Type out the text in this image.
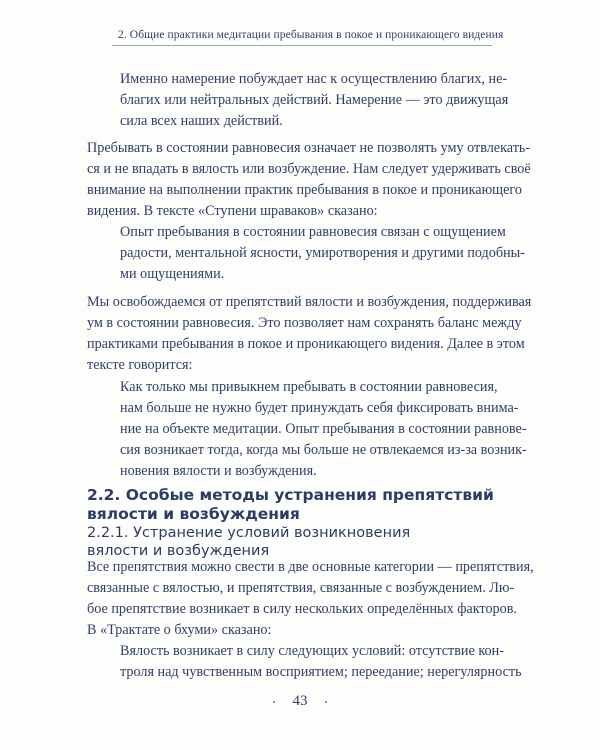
2. Общие практики медитации пребывания в покое и проникающего видения
Именно намерение побуждает нас к осуществлению благих, не-
благих или нейтральных действий. Намерение — это движущая
сила всех наших действий.
Пребывать в состоянии равновесия означает не позволять уму отвлекать-
ся и не впадать в вялость или возбуждение. Нам следует удерживать своё
внимание на выполнении практик пребывания в покое и проникающего
видения. В тексте «Ступени шраваков» сказано:
Опыт пребывания в состоянии равновесия связан с ощущением
радости, ментальной ясности, умиротворения и другими подобны-
ми ощущениями.
Мы освобождаемся от препятствий вялости и возбуждения, поддерживая
ум в состоянии равновесия. Это позволяет нам сохранять баланс между
практиками пребывания в покое и проникающего видения. Далее в этом
тексте говорится:
Как только мы привыкнем пребывать в состоянии равновесия,
нам больше не нужно будет принуждать себя фиксировать внима-
ние на объекте медитации. Опыт пребывания в состоянии равнове-
сия возникает тогда, когда мы больше не отвлекаемся из-за возник-
новения вялости и возбуждения.
2.2. Особые методы устранения препятствий
вялости и возбуждения
2.2.1. Устранение условий возникновения
вялости и возбуждения
Все препятствия можно свести в две основные категории — препятствия,
связанные с вялостью, и препятствия, связанные с возбуждением. Лю-
бое препятствие возникает в силу нескольких определённых факторов.
В «Трактате о бхуми» сказано:
Вялость возникает в силу следующих условий: отсутствие кон-
троля над чувственным восприятием; переедание; нерегулярность
43
